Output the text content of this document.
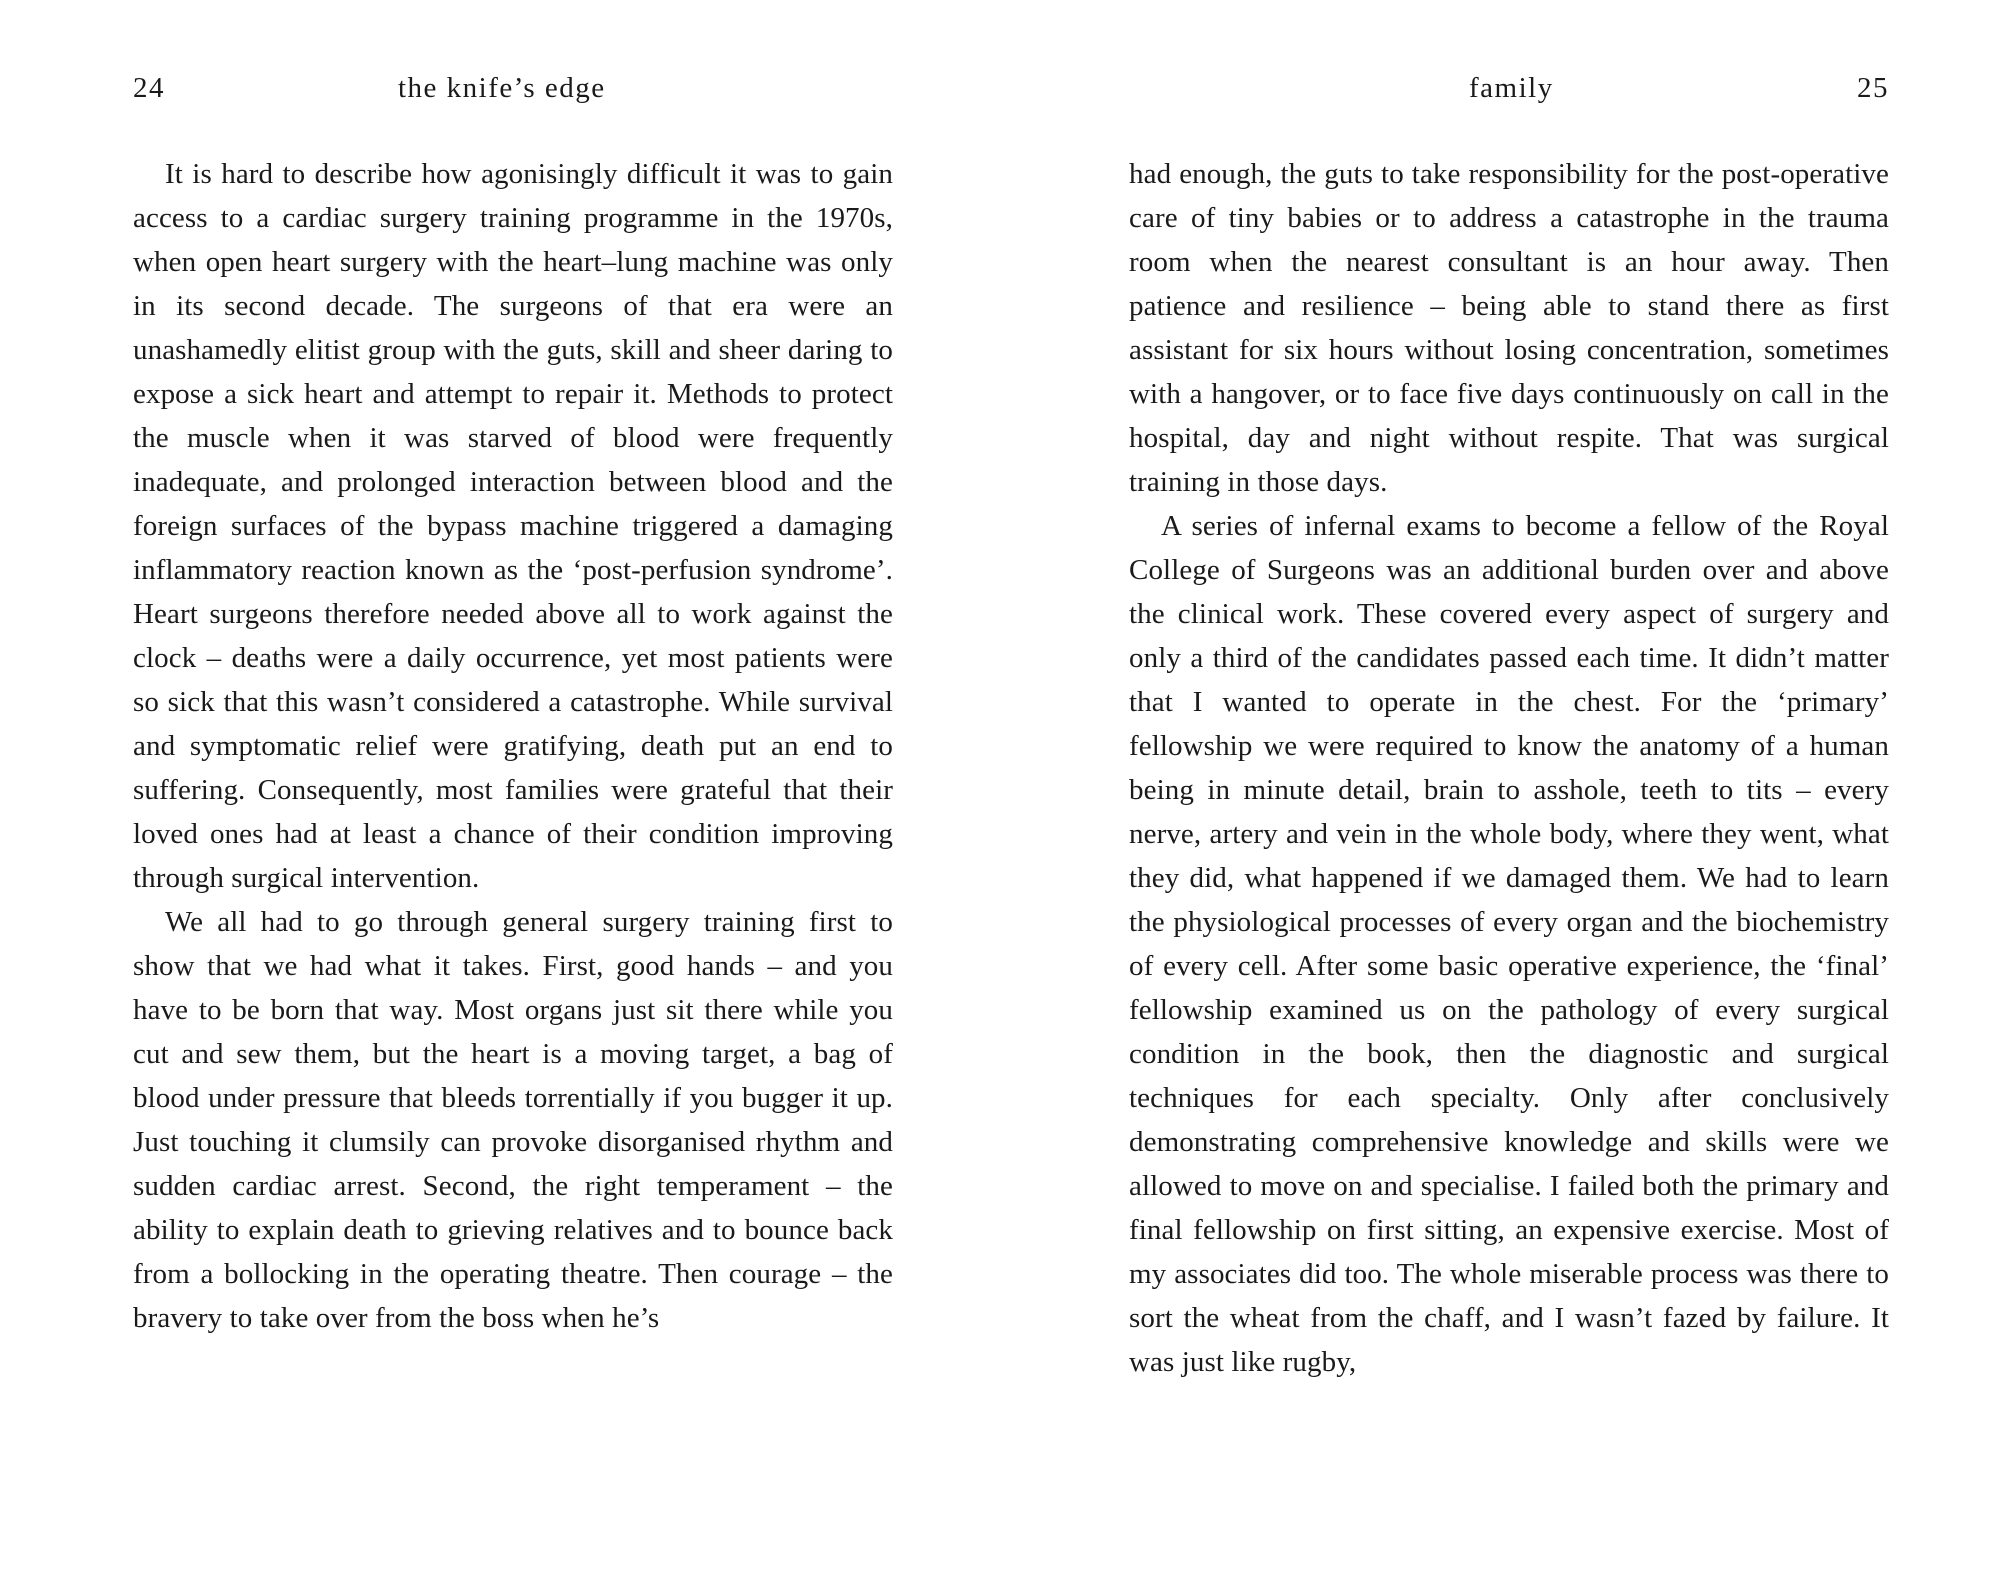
24	the knife’s edge

It is hard to describe how agonisingly difficult it was to gain access to a cardiac surgery training programme in the 1970s, when open heart surgery with the heart–lung machine was only in its second decade. The surgeons of that era were an unashamedly elitist group with the guts, skill and sheer daring to expose a sick heart and attempt to repair it. Methods to protect the muscle when it was starved of blood were frequently inadequate, and prolonged interaction between blood and the foreign surfaces of the bypass machine triggered a damaging inflammatory reaction known as the ‘post-perfusion syndrome’. Heart surgeons therefore needed above all to work against the clock – deaths were a daily occurrence, yet most patients were so sick that this wasn’t considered a catastrophe. While survival and symptomatic relief were gratifying, death put an end to suffering. Consequently, most families were grateful that their loved ones had at least a chance of their condition improving through surgical intervention.

We all had to go through general surgery training first to show that we had what it takes. First, good hands – and you have to be born that way. Most organs just sit there while you cut and sew them, but the heart is a moving target, a bag of blood under pressure that bleeds torrentially if you bugger it up. Just touching it clumsily can provoke disorganised rhythm and sudden cardiac arrest. Second, the right temperament – the ability to explain death to grieving relatives and to bounce back from a bollocking in the operating theatre. Then courage – the bravery to take over from the boss when he’s

family	25

had enough, the guts to take responsibility for the post-operative care of tiny babies or to address a catastrophe in the trauma room when the nearest consultant is an hour away. Then patience and resilience – being able to stand there as first assistant for six hours without losing concentration, sometimes with a hangover, or to face five days continuously on call in the hospital, day and night without respite. That was surgical training in those days.

A series of infernal exams to become a fellow of the Royal College of Surgeons was an additional burden over and above the clinical work. These covered every aspect of surgery and only a third of the candidates passed each time. It didn’t matter that I wanted to operate in the chest. For the ‘primary’ fellowship we were required to know the anatomy of a human being in minute detail, brain to asshole, teeth to tits – every nerve, artery and vein in the whole body, where they went, what they did, what happened if we damaged them. We had to learn the physiological processes of every organ and the biochemistry of every cell. After some basic operative experience, the ‘final’ fellowship examined us on the pathology of every surgical condition in the book, then the diagnostic and surgical techniques for each specialty. Only after conclusively demonstrating comprehensive knowledge and skills were we allowed to move on and specialise. I failed both the primary and final fellowship on first sitting, an expensive exercise. Most of my associates did too. The whole miserable process was there to sort the wheat from the chaff, and I wasn’t fazed by failure. It was just like rugby,
